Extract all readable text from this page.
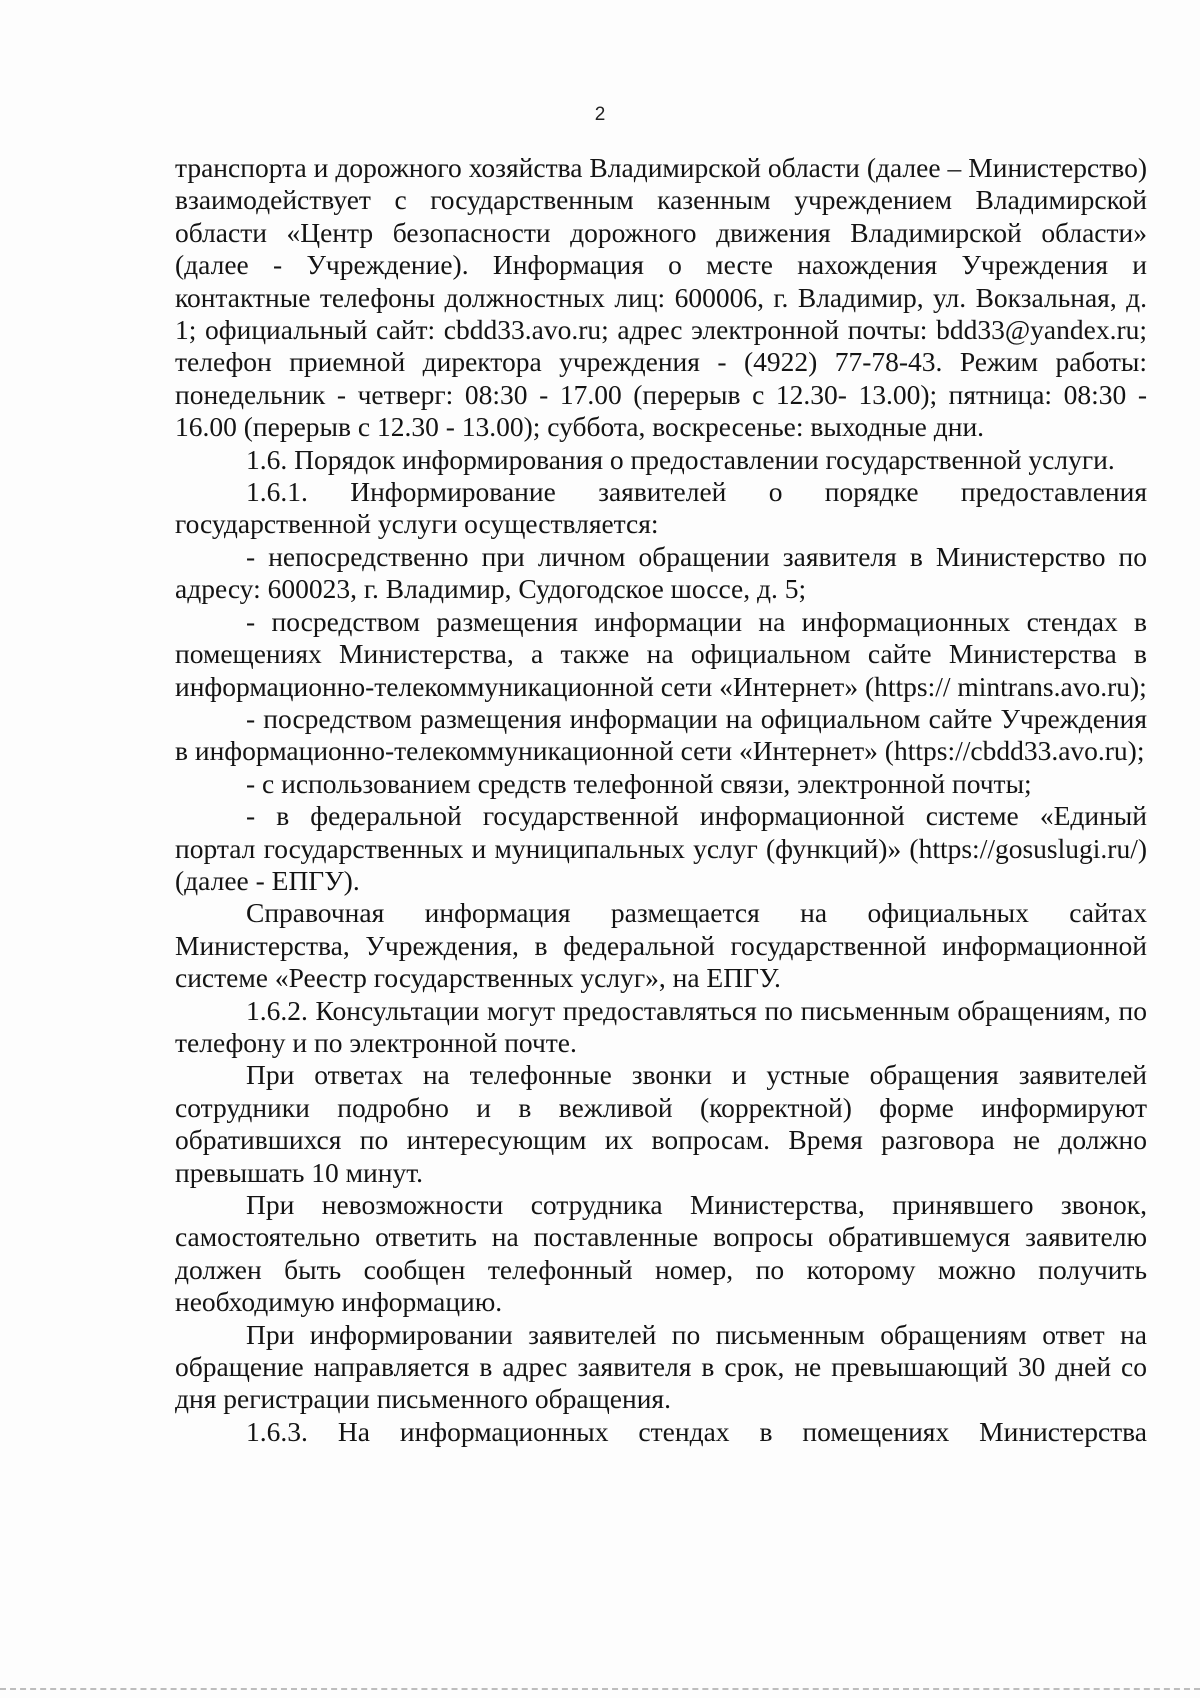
2

транспорта и дорожного хозяйства Владимирской области (далее – Министерство) взаимодействует с государственным казенным учреждением Владимирской области «Центр безопасности дорожного движения Владимирской области» (далее - Учреждение). Информация о месте нахождения Учреждения и контактные телефоны должностных лиц: 600006, г. Владимир, ул. Вокзальная, д. 1; официальный сайт: cbdd33.avo.ru; адрес электронной почты: bdd33@yandex.ru; телефон приемной директора учреждения - (4922) 77-78-43. Режим работы: понедельник - четверг: 08:30 - 17.00 (перерыв с 12.30- 13.00); пятница: 08:30 - 16.00 (перерыв с 12.30 - 13.00); суббота, воскресенье: выходные дни.

1.6. Порядок информирования о предоставлении государственной услуги.

1.6.1. Информирование заявителей о порядке предоставления государственной услуги осуществляется:

- непосредственно при личном обращении заявителя в Министерство по адресу: 600023, г. Владимир, Судогодское шоссе, д. 5;

- посредством размещения информации на информационных стендах в помещениях Министерства, а также на официальном сайте Министерства в информационно-телекоммуникационной сети «Интернет» (https:// mintrans.avo.ru);

- посредством размещения информации на официальном сайте Учреждения в информационно-телекоммуникационной сети «Интернет» (https://cbdd33.avo.ru);

- с использованием средств телефонной связи, электронной почты;

- в федеральной государственной информационной системе «Единый портал государственных и муниципальных услуг (функций)» (https://gosuslugi.ru/) (далее - ЕПГУ).

Справочная информация размещается на официальных сайтах Министерства, Учреждения, в федеральной государственной информационной системе «Реестр государственных услуг», на ЕПГУ.

1.6.2. Консультации могут предоставляться по письменным обращениям, по телефону и по электронной почте.

При ответах на телефонные звонки и устные обращения заявителей сотрудники подробно и в вежливой (корректной) форме информируют обратившихся по интересующим их вопросам. Время разговора не должно превышать 10 минут.

При невозможности сотрудника Министерства, принявшего звонок, самостоятельно ответить на поставленные вопросы обратившемуся заявителю должен быть сообщен телефонный номер, по которому можно получить необходимую информацию.

При информировании заявителей по письменным обращениям ответ на обращение направляется в адрес заявителя в срок, не превышающий 30 дней со дня регистрации письменного обращения.

1.6.3. На информационных стендах в помещениях Министерства
